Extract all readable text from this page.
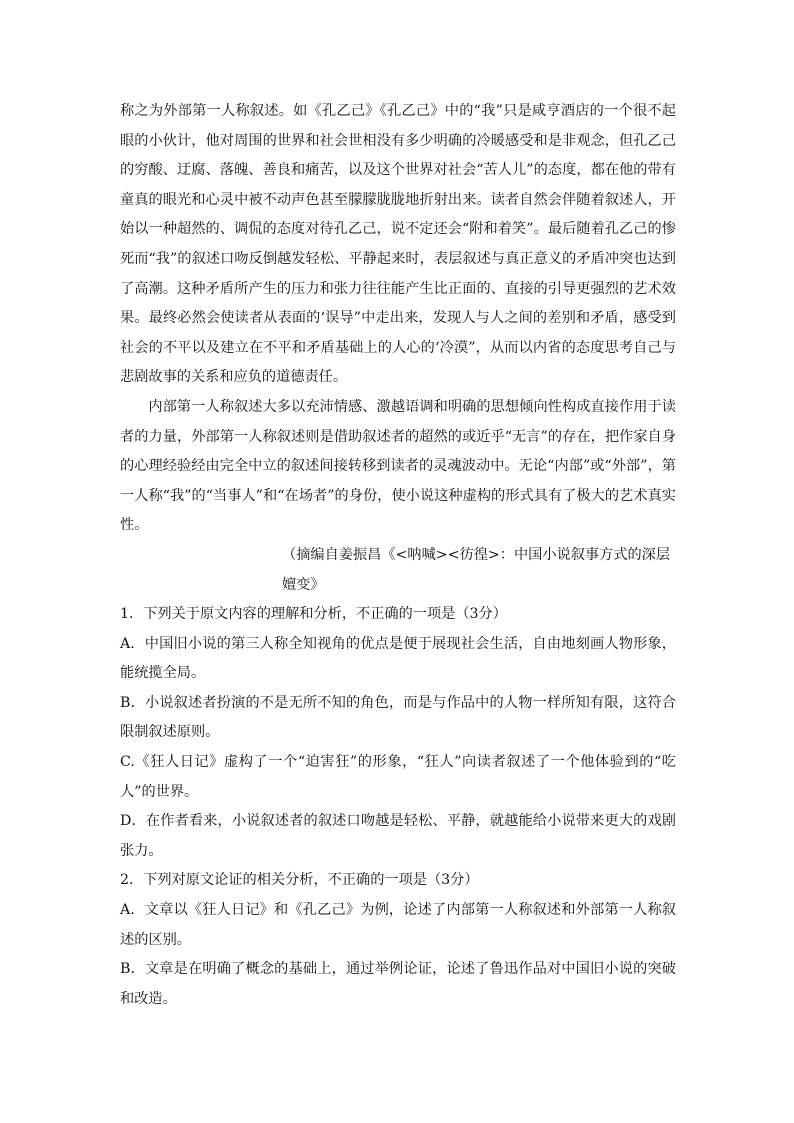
称之为外部第一人称叙述。如《孔乙己》《孔乙己》中的“我”只是咸亨酒店的一个很不起眼的小伙计，他对周围的世界和社会世相没有多少明确的冷暖感受和是非观念，但孔乙己的穷酸、迂腐、落魄、善良和痛苦，以及这个世界对社会“苦人儿”的态度，都在他的带有童真的眼光和心灵中被不动声色甚至朦朦胧胧地折射出来。读者自然会伴随着叙述人，开始以一种超然的、调侃的态度对待孔乙己，说不定还会“附和着笑”。最后随着孔乙己的惨死而“我”的叙述口吻反倒越发轻松、平静起来时，表层叙述与真正意义的矛盾冲突也达到了高潮。这种矛盾所产生的压力和张力往往能产生比正面的、直接的引导更强烈的艺术效果。最终必然会使读者从表面的‘误导”中走出来，发现人与人之间的差别和矛盾，感受到社会的不平以及建立在不平和矛盾基础上的人心的‘冷漠”，从而以内省的态度思考自己与悲剧故事的关系和应负的道德责任。

内部第一人称叙述大多以充沛情感、激越语调和明确的思想倾向性构成直接作用于读者的力量，外部第一人称叙述则是借助叙述者的超然的或近乎“无言”的存在，把作家自身的心理经验经由完全中立的叙述间接转移到读者的灵魂波动中。无论“内部”或“外部”，第一人称“我”的“当事人”和“在场者”的身份，使小说这种虚构的形式具有了极大的艺术真实性。

（摘编自姜振昌《<呐喊><彷徨>：中国小说叙事方式的深层嬗变》

1．下列关于原文内容的理解和分析，不正确的一项是（3分）

A．中国旧小说的第三人称全知视角的优点是便于展现社会生活，自由地刻画人物形象，能统揽全局。

B．小说叙述者扮演的不是无所不知的角色，而是与作品中的人物一样所知有限，这符合限制叙述原则。

C.《狂人日记》虚构了一个“迫害狂”的形象，“狂人”向读者叙述了一个他体验到的“吃人”的世界。

D．在作者看来，小说叙述者的叙述口吻越是轻松、平静，就越能给小说带来更大的戏剧张力。

2．下列对原文论证的相关分析，不正确的一项是（3分）

A．文章以《狂人日记》和《孔乙己》为例，论述了内部第一人称叙述和外部第一人称叙述的区别。

B．文章是在明确了概念的基础上，通过举例论证，论述了鲁迅作品对中国旧小说的突破和改造。
